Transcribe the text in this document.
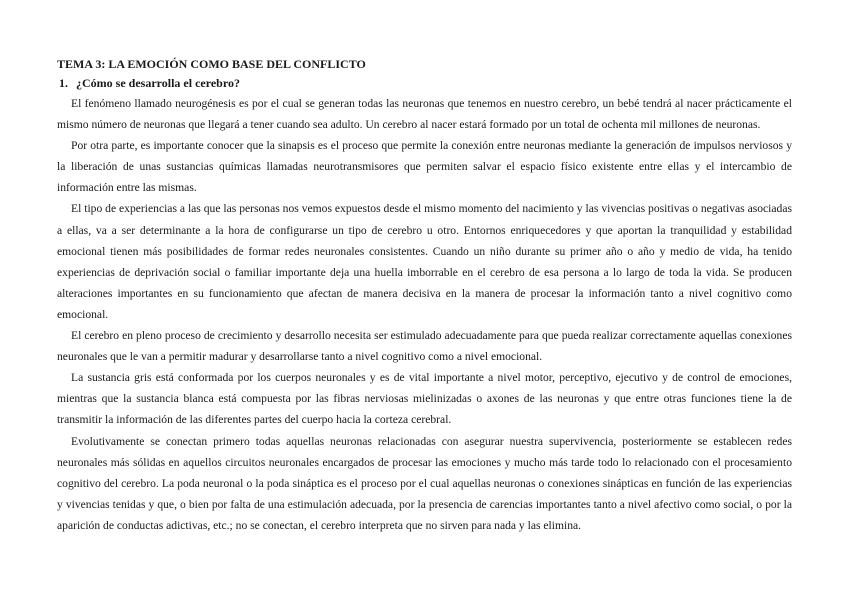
TEMA 3: LA EMOCIÓN COMO BASE DEL CONFLICTO

1. ¿Cómo se desarrolla el cerebro?

El fenómeno llamado neurogénesis es por el cual se generan todas las neuronas que tenemos en nuestro cerebro, un bebé tendrá al nacer prácticamente el mismo número de neuronas que llegará a tener cuando sea adulto. Un cerebro al nacer estará formado por un total de ochenta mil millones de neuronas.

Por otra parte, es importante conocer que la sinapsis es el proceso que permite la conexión entre neuronas mediante la generación de impulsos nerviosos y la liberación de unas sustancias químicas llamadas neurotransmisores que permiten salvar el espacio físico existente entre ellas y el intercambio de información entre las mismas.

El tipo de experiencias a las que las personas nos vemos expuestos desde el mismo momento del nacimiento y las vivencias positivas o negativas asociadas a ellas, va a ser determinante a la hora de configurarse un tipo de cerebro u otro. Entornos enriquecedores y que aportan la tranquilidad y estabilidad emocional tienen más posibilidades de formar redes neuronales consistentes. Cuando un niño durante su primer año o año y medio de vida, ha tenido experiencias de deprivación social o familiar importante deja una huella imborrable en el cerebro de esa persona a lo largo de toda la vida. Se producen alteraciones importantes en su funcionamiento que afectan de manera decisiva en la manera de procesar la información tanto a nivel cognitivo como emocional.

El cerebro en pleno proceso de crecimiento y desarrollo necesita ser estimulado adecuadamente para que pueda realizar correctamente aquellas conexiones neuronales que le van a permitir madurar y desarrollarse tanto a nivel cognitivo como a nivel emocional.

La sustancia gris está conformada por los cuerpos neuronales y es de vital importante a nivel motor, perceptivo, ejecutivo y de control de emociones, mientras que la sustancia blanca está compuesta por las fibras nerviosas mielinizadas o axones de las neuronas y que entre otras funciones tiene la de transmitir la información de las diferentes partes del cuerpo hacia la corteza cerebral.

Evolutivamente se conectan primero todas aquellas neuronas relacionadas con asegurar nuestra supervivencia, posteriormente se establecen redes neuronales más sólidas en aquellos circuitos neuronales encargados de procesar las emociones y mucho más tarde todo lo relacionado con el procesamiento cognitivo del cerebro. La poda neuronal o la poda sináptica es el proceso por el cual aquellas neuronas o conexiones sinápticas en función de las experiencias y vivencias tenidas y que, o bien por falta de una estimulación adecuada, por la presencia de carencias importantes tanto a nivel afectivo como social, o por la aparición de conductas adictivas, etc.; no se conectan, el cerebro interpreta que no sirven para nada y las elimina.
